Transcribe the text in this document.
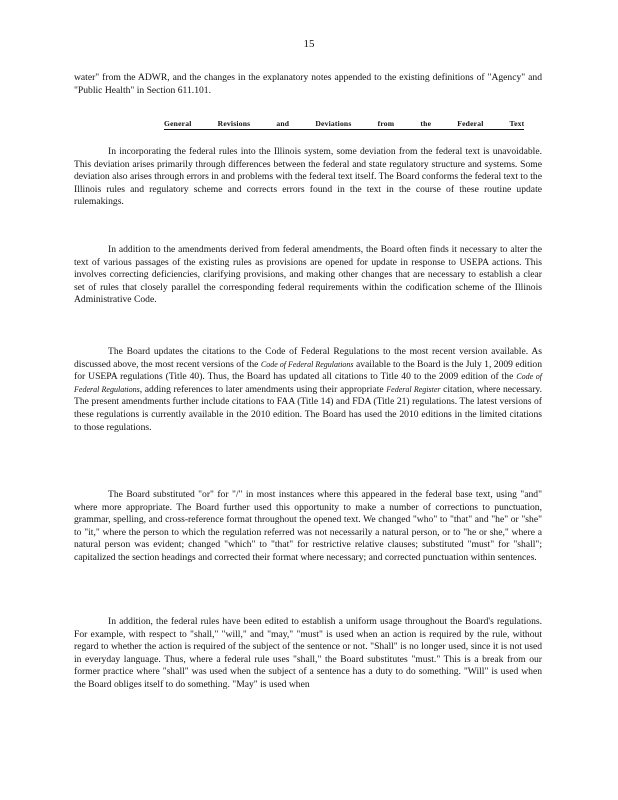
15

water" from the ADWR, and the changes in the explanatory notes appended to the existing definitions of "Agency" and "Public Health" in Section 611.101.

General	Revisions	and	Deviations	from	the	Federal	Text

In incorporating the federal rules into the Illinois system, some deviation from the federal text is unavoidable. This deviation arises primarily through differences between the federal and state regulatory structure and systems. Some deviation also arises through errors in and problems with the federal text itself. The Board conforms the federal text to the Illinois rules and regulatory scheme and corrects errors found in the text in the course of these routine update rulemakings.

In addition to the amendments derived from federal amendments, the Board often finds it necessary to alter the text of various passages of the existing rules as provisions are opened for update in response to USEPA actions. This involves correcting deficiencies, clarifying provisions, and making other changes that are necessary to establish a clear set of rules that closely parallel the corresponding federal requirements within the codification scheme of the Illinois Administrative Code.

The Board updates the citations to the Code of Federal Regulations to the most recent version available. As discussed above, the most recent versions of the Code of Federal Regulations available to the Board is the July 1, 2009 edition for USEPA regulations (Title 40). Thus, the Board has updated all citations to Title 40 to the 2009 edition of the Code of Federal Regulations, adding references to later amendments using their appropriate Federal Register citation, where necessary. The present amendments further include citations to FAA (Title 14) and FDA (Title 21) regulations. The latest versions of these regulations is currently available in the 2010 edition. The Board has used the 2010 editions in the limited citations to those regulations.

The Board substituted "or" for "/" in most instances where this appeared in the federal base text, using "and" where more appropriate. The Board further used this opportunity to make a number of corrections to punctuation, grammar, spelling, and cross-reference format throughout the opened text. We changed "who" to "that" and "he" or "she" to "it," where the person to which the regulation referred was not necessarily a natural person, or to "he or she," where a natural person was evident; changed "which" to "that" for restrictive relative clauses; substituted "must" for "shall"; capitalized the section headings and corrected their format where necessary; and corrected punctuation within sentences.

In addition, the federal rules have been edited to establish a uniform usage throughout the Board's regulations. For example, with respect to "shall," "will," and "may," "must" is used when an action is required by the rule, without regard to whether the action is required of the subject of the sentence or not. "Shall" is no longer used, since it is not used in everyday language. Thus, where a federal rule uses "shall," the Board substitutes "must." This is a break from our former practice where "shall" was used when the subject of a sentence has a duty to do something. "Will" is used when the Board obliges itself to do something. "May" is used when
